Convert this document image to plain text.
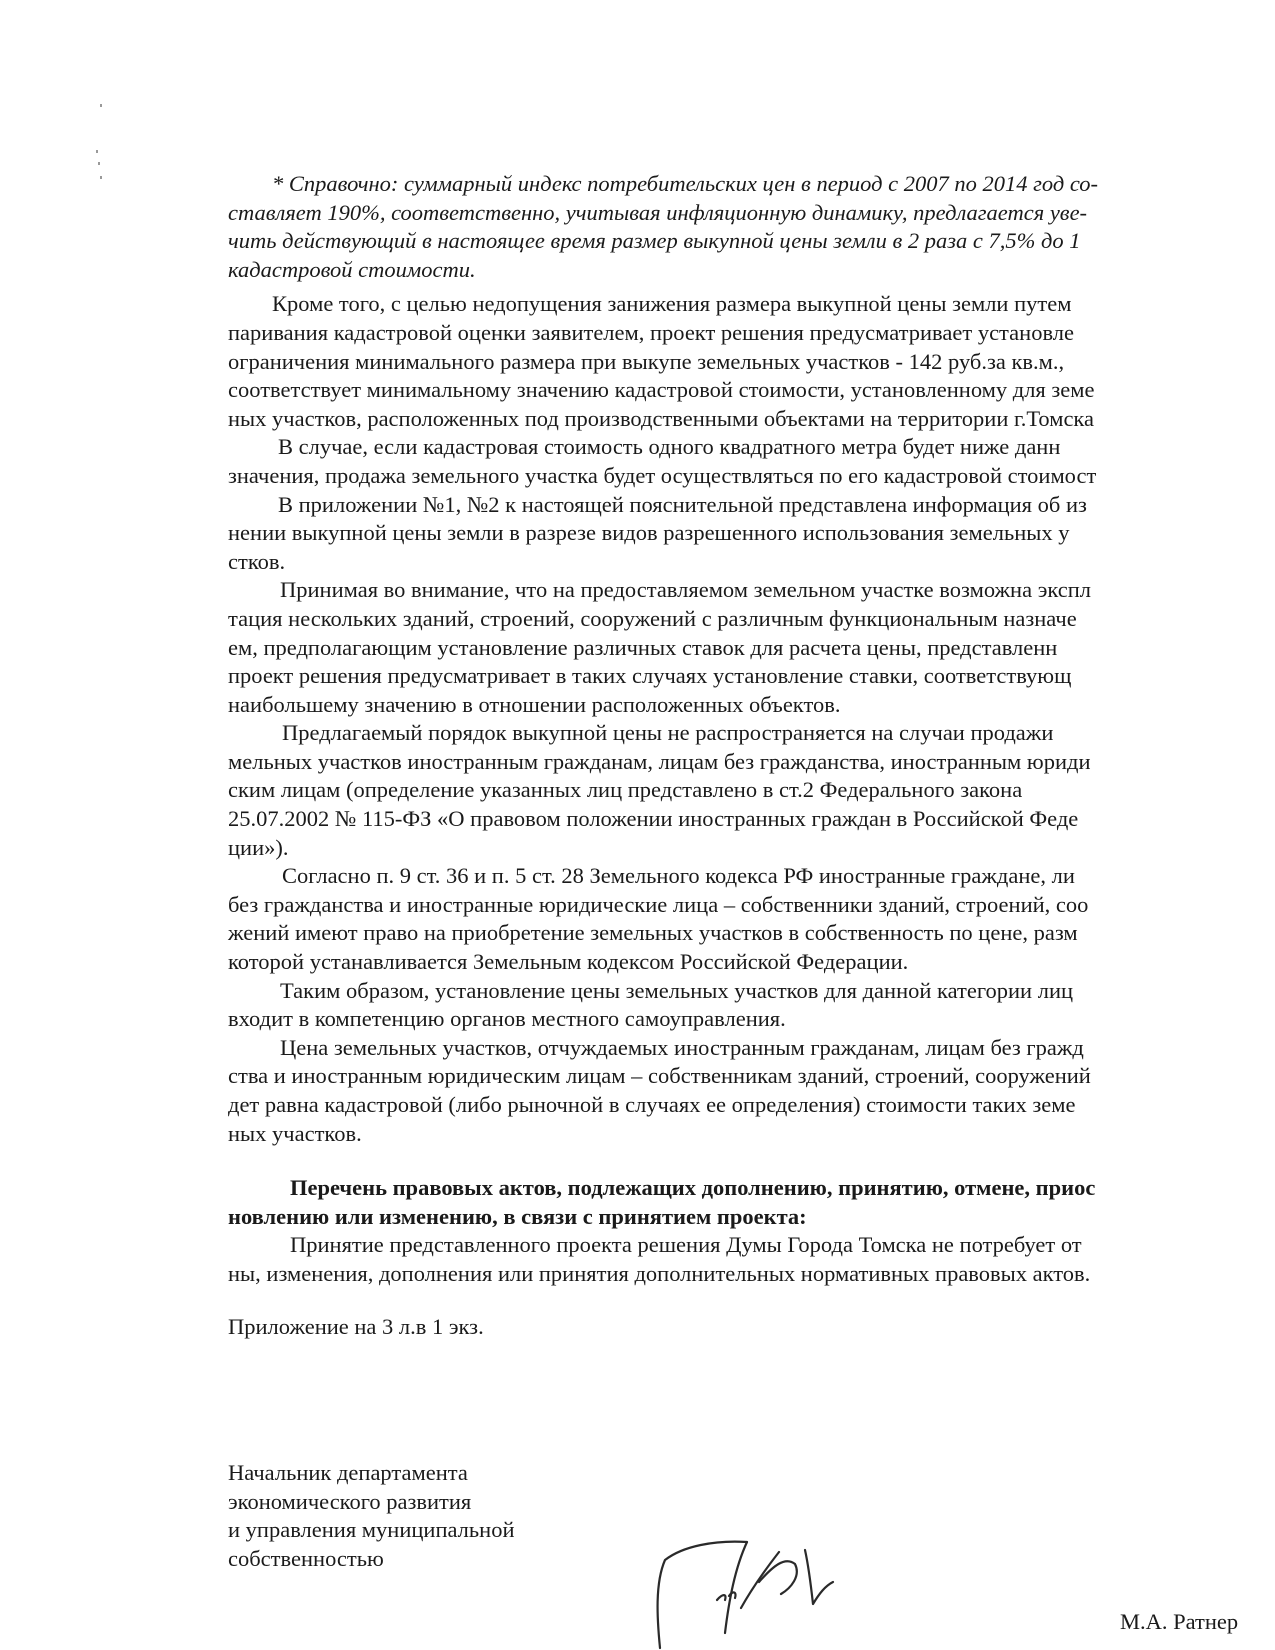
* Справочно: суммарный индекс потребительских цен в период с 2007 по 2014 год со-
ставляет 190%, соответственно, учитывая инфляционную динамику, предлагается уве-
чить действующий в настоящее время размер выкупной цены земли в 2 раза с 7,5% до 1
кадастровой стоимости.
Кроме того, с целью недопущения занижения размера выкупной цены земли путем
паривания кадастровой оценки заявителем, проект решения предусматривает установле
ограничения минимального размера при выкупе земельных участков - 142 руб.за кв.м.,
соответствует минимальному значению кадастровой стоимости, установленному для земе
ных участков, расположенных под производственными объектами на территории г.Томска
В случае, если кадастровая стоимость одного квадратного метра будет ниже данн
значения, продажа земельного участка будет осуществляться по его кадастровой стоимост
В приложении №1, №2 к настоящей пояснительной представлена информация об из
нении выкупной цены земли в разрезе видов разрешенного использования земельных у
стков.
Принимая во внимание, что на предоставляемом земельном участке возможна экспл
тация нескольких зданий, строений, сооружений с различным функциональным назначе
ем, предполагающим установление различных ставок для расчета цены, представленн
проект решения предусматривает в таких случаях установление ставки, соответствующ
наибольшему значению в отношении расположенных объектов.
Предлагаемый порядок выкупной цены не распространяется на случаи продажи
мельных участков иностранным гражданам, лицам без гражданства, иностранным юриди
ским лицам (определение указанных лиц представлено в ст.2 Федерального закона
25.07.2002 № 115-ФЗ «О правовом положении иностранных граждан в Российской Феде
ции»).
Согласно п. 9 ст. 36 и п. 5 ст. 28 Земельного кодекса РФ иностранные граждане, ли
без гражданства и иностранные юридические лица – собственники зданий, строений, соо
жений имеют право на приобретение земельных участков в собственность по цене, разм
которой устанавливается Земельным кодексом Российской Федерации.
Таким образом, установление цены земельных участков для данной категории лиц
входит в компетенцию органов местного самоуправления.
Цена земельных участков, отчуждаемых иностранным гражданам, лицам без гражд
ства и иностранным юридическим лицам – собственникам зданий, строений, сооружений
дет равна кадастровой (либо рыночной в случаях ее определения) стоимости таких земе
ных участков.
Перечень правовых актов, подлежащих дополнению, принятию, отмене, приос
новлению или изменению, в связи с принятием проекта:
Принятие представленного проекта решения Думы Города Томска не потребует от
ны, изменения, дополнения или принятия дополнительных нормативных правовых актов.
Приложение на 3 л.в 1 экз.
Начальник департамента
экономического развития
и управления муниципальной
собственностью
М.А. Ратнер
